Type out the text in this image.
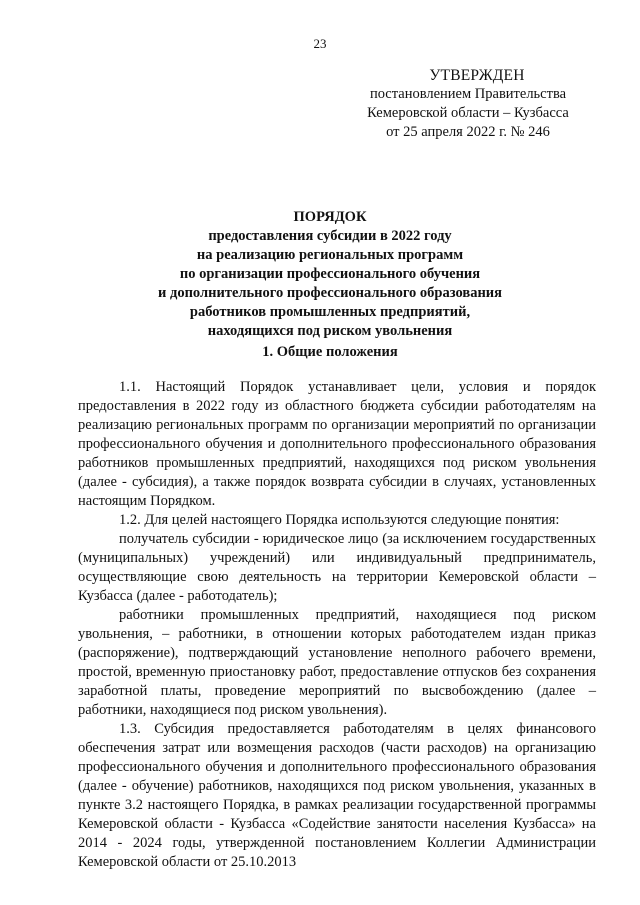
23
УТВЕРЖДЕН
постановлением Правительства
Кемеровской области – Кузбасса
от 25 апреля 2022 г. № 246
ПОРЯДОК
предоставления субсидии в 2022 году
на реализацию региональных программ
по организации профессионального обучения
и дополнительного профессионального образования
работников промышленных предприятий,
находящихся под риском увольнения
1. Общие положения

1.1. Настоящий Порядок устанавливает цели, условия и порядок предоставления в 2022 году из областного бюджета субсидии работодателям на реализацию региональных программ по организации мероприятий по организации профессионального обучения и дополнительного профессионального образования работников промышленных предприятий, находящихся под риском увольнения (далее - субсидия), а также порядок возврата субсидии в случаях, установленных настоящим Порядком.

1.2. Для целей настоящего Порядка используются следующие понятия:

получатель субсидии - юридическое лицо (за исключением государственных (муниципальных) учреждений) или индивидуальный предприниматель, осуществляющие свою деятельность на территории Кемеровской области – Кузбасса (далее - работодатель);

работники промышленных предприятий, находящиеся под риском увольнения, – работники, в отношении которых работодателем издан приказ (распоряжение), подтверждающий установление неполного рабочего времени, простой, временную приостановку работ, предоставление отпусков без сохранения заработной платы, проведение мероприятий по высвобождению (далее – работники, находящиеся под риском увольнения).

1.3. Субсидия предоставляется работодателям в целях финансового обеспечения затрат или возмещения расходов (части расходов) на организацию профессионального обучения и дополнительного профессионального образования (далее - обучение) работников, находящихся под риском увольнения, указанных в пункте 3.2 настоящего Порядка, в рамках реализации государственной программы Кемеровской области - Кузбасса «Содействие занятости населения Кузбасса» на 2014 - 2024 годы, утвержденной постановлением Коллегии Администрации Кемеровской области от 25.10.2013
